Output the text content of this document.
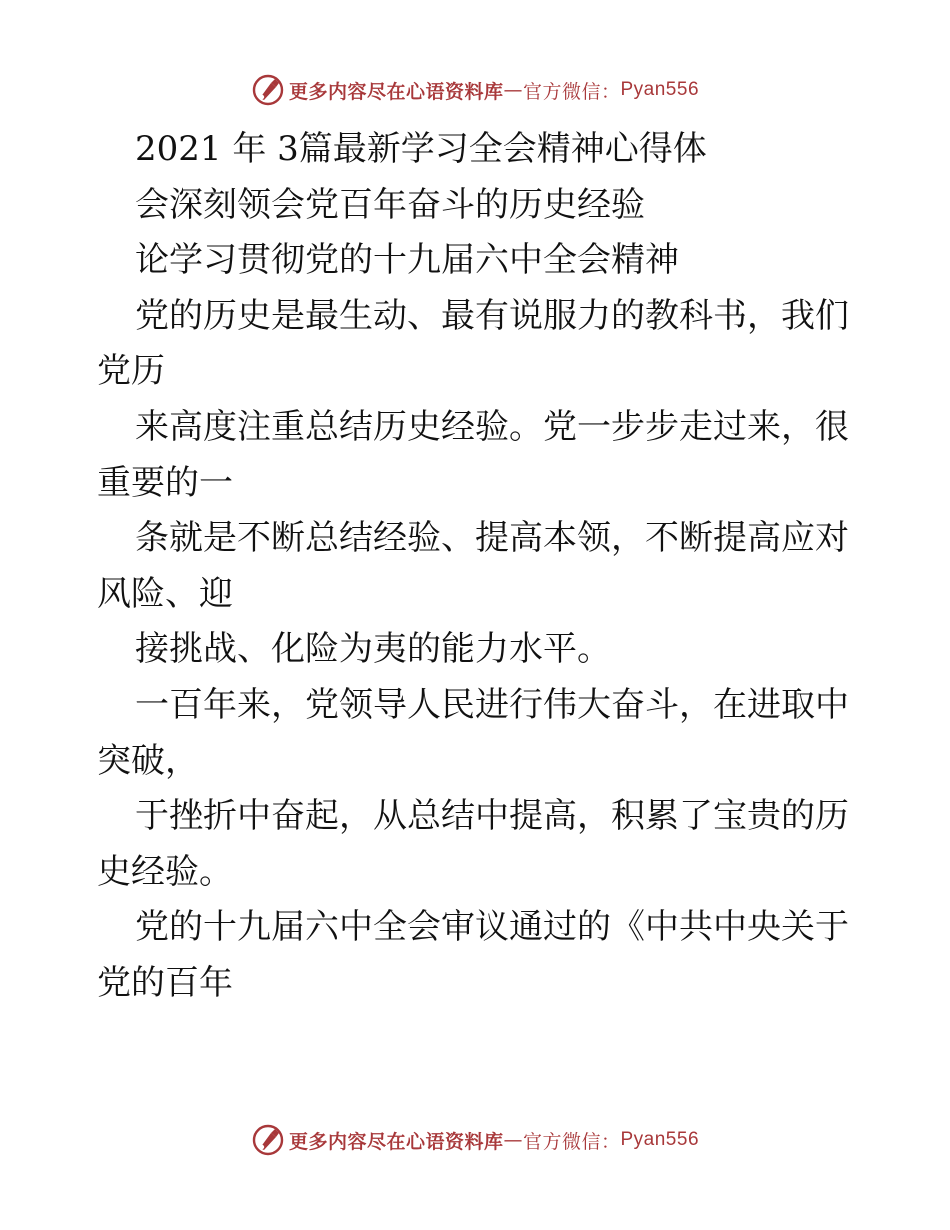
更多内容尽在心语资料库 — 官方微信： Pyan556

2021 年 3篇最新学习全会精神心得体

会深刻领会党百年奋斗的历史经验

论学习贯彻党的十九届六中全会精神

党的历史是最生动、最有说服力的教科书，我们

党历

来高度注重总结历史经验。党一步步走过来，很

重要的一

条就是不断总结经验、提高本领，不断提高应对

风险、迎

接挑战、化险为夷的能力水平。

一百年来，党领导人民进行伟大奋斗，在进取中

突破，

于挫折中奋起，从总结中提高，积累了宝贵的历

史经验。

党的十九届六中全会审议通过的《中共中央关于

党的百年

更多内容尽在心语资料库 — 官方微信： Pyan556
